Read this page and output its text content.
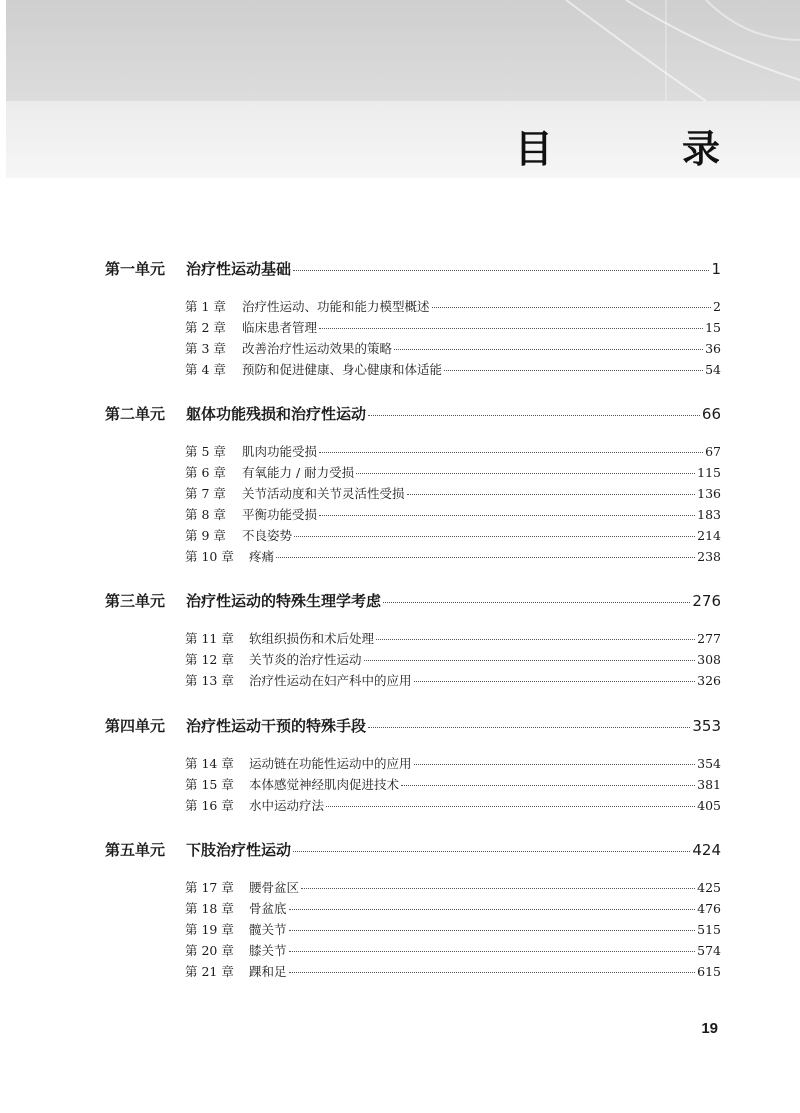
目 录
第一单元	治疗性运动基础	1
第 1 章	治疗性运动、功能和能力模型概述	2
第 2 章	临床患者管理	15
第 3 章	改善治疗性运动效果的策略	36
第 4 章	预防和促进健康、身心健康和体适能	54
第二单元	躯体功能残损和治疗性运动	66
第 5 章	肌肉功能受损	67
第 6 章	有氧能力 / 耐力受损	115
第 7 章	关节活动度和关节灵活性受损	136
第 8 章	平衡功能受损	183
第 9 章	不良姿势	214
第 10 章	疼痛	238
第三单元	治疗性运动的特殊生理学考虑	276
第 11 章	软组织损伤和术后处理	277
第 12 章	关节炎的治疗性运动	308
第 13 章	治疗性运动在妇产科中的应用	326
第四单元	治疗性运动干预的特殊手段	353
第 14 章	运动链在功能性运动中的应用	354
第 15 章	本体感觉神经肌肉促进技术	381
第 16 章	水中运动疗法	405
第五单元	下肢治疗性运动	424
第 17 章	腰骨盆区	425
第 18 章	骨盆底	476
第 19 章	髋关节	515
第 20 章	膝关节	574
第 21 章	踝和足	615
19
